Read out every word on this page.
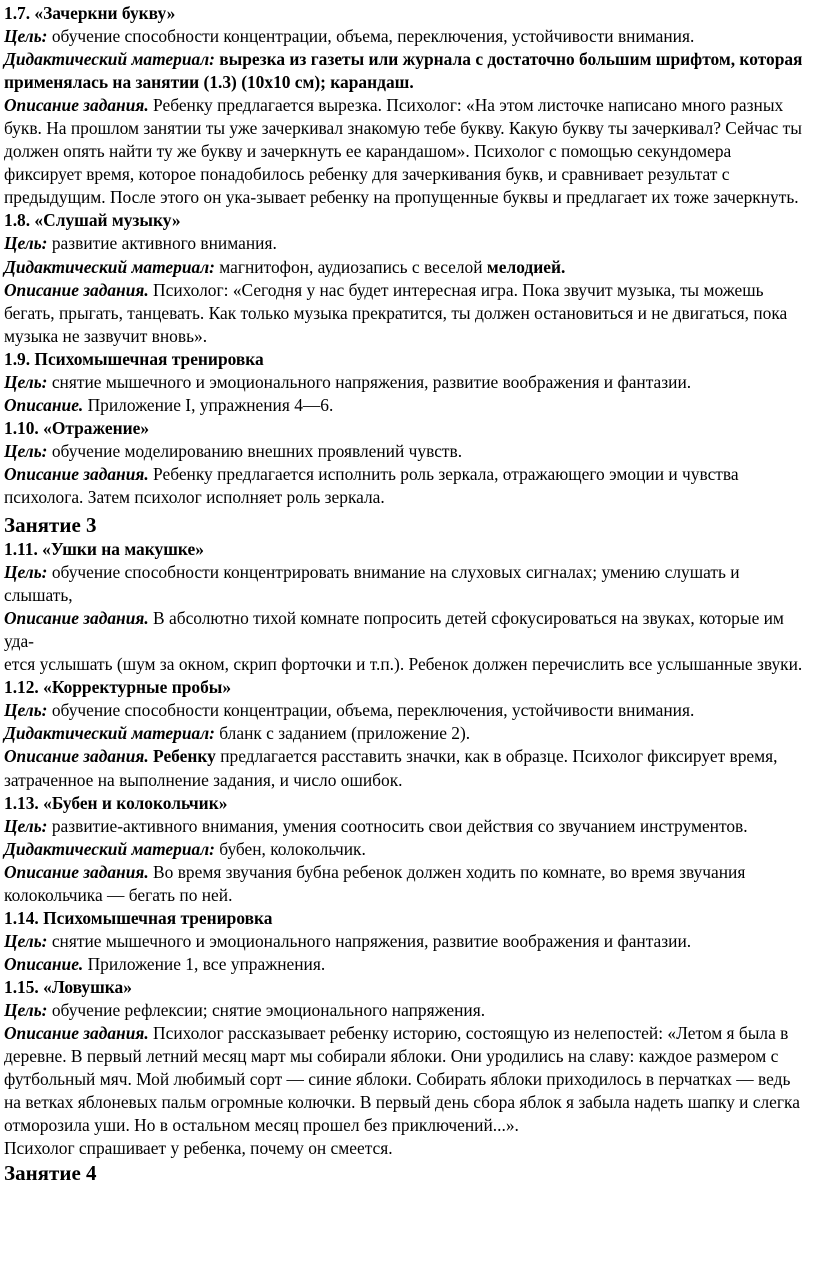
1.7. «Зачеркни букву»

Цель: обучение способности концентрации, объема, переключения, устойчивости внимания.

Дидактический материал: вырезка из газеты или журнала с достаточно большим шрифтом, которая применялась на занятии (1.3) (10x10 см); карандаш.

Описание задания. Ребенку предлагается вырезка. Психолог: «На этом листочке написано много разных букв. На прошлом занятии ты уже зачеркивал знакомую тебе букву. Какую букву ты зачеркивал? Сейчас ты должен опять найти ту же букву и зачеркнуть ее карандашом». Психолог с помощью секундомера фиксирует время, которое понадобилось ребенку для зачеркивания букв, и сравнивает результат с предыдущим. После этого он ука-зывает ребенку на пропущенные буквы и предлагает их тоже зачеркнуть.

1.8. «Слушай музыку»

Цель: развитие активного внимания.

Дидактический материал: магнитофон, аудиозапись с веселой мелодией.

Описание задания. Психолог: «Сегодня у нас будет интересная игра. Пока звучит музыка, ты можешь бегать, прыгать, танцевать. Как только музыка прекратится, ты должен остановиться и не двигаться, пока музыка не зазвучит вновь».

1.9. Психомышечная тренировка

Цель: снятие мышечного и эмоционального напряжения, развитие воображения и фантазии.

Описание. Приложение I, упражнения 4—6.

1.10. «Отражение»

Цель: обучение моделированию внешних проявлений чувств.

Описание задания. Ребенку предлагается исполнить роль зеркала, отражающего эмоции и чувства психолога. Затем психолог исполняет роль зеркала.

Занятие 3

1.11. «Ушки на макушке»

Цель: обучение способности концентрировать внимание на слуховых сигналах; умению слушать и слышать,

Описание задания. В абсолютно тихой комнате попросить детей сфокусироваться на звуках, которые им уда-

ется услышать (шум за окном, скрип форточки и т.п.). Ребенок должен перечислить все услышанные звуки.

1.12. «Корректурные пробы»

Цель: обучение способности концентрации, объема, переключения, устойчивости внимания.

Дидактический материал: бланк с заданием (приложение 2).

Описание задания. Ребенку предлагается расставить значки, как в образце. Психолог фиксирует время, затраченное на выполнение задания, и число ошибок.

1.13. «Бубен и колокольчик»

Цель: развитие-активного внимания, умения соотносить свои действия со звучанием инструментов.

Дидактический материал: бубен, колокольчик.

Описание задания. Во время звучания бубна ребенок должен ходить по комнате, во время звучания колокольчика — бегать по ней.

1.14. Психомышечная тренировка

Цель: снятие мышечного и эмоционального напряжения, развитие воображения и фантазии.

Описание. Приложение 1, все упражнения.

1.15. «Ловушка»

Цель: обучение рефлексии; снятие эмоционального напряжения.

Описание задания. Психолог рассказывает ребенку историю, состоящую из нелепостей: «Летом я была в деревне. В первый летний месяц март мы собирали яблоки. Они уродились на славу: каждое размером с футбольный мяч. Мой любимый сорт — синие яблоки. Собирать яблоки приходилось в перчатках — ведь на ветках яблоневых пальм огромные колючки. В первый день сбора яблок я забыла надеть шапку и слегка отморозила уши. Но в остальном месяц прошел без приключений...».

Психолог спрашивает у ребенка, почему он смеется.

Занятие 4
